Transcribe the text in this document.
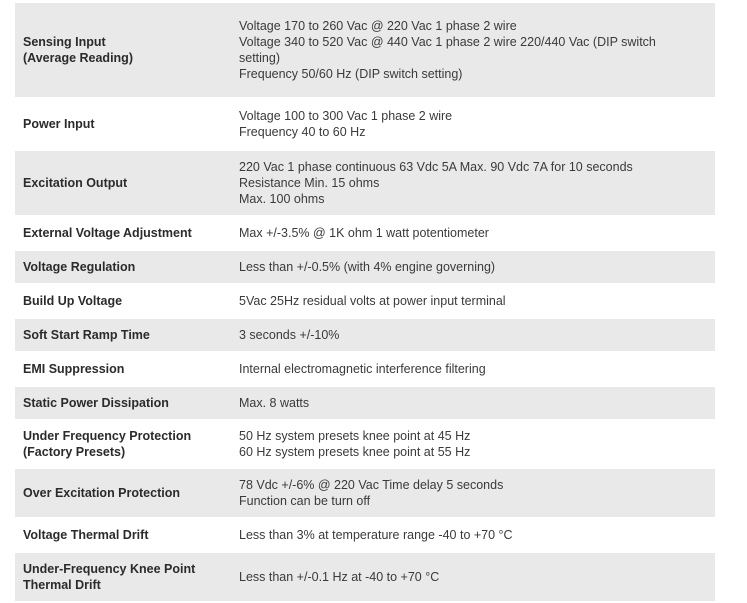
Sensing Input
(Average Reading)	Voltage 170 to 260 Vac @ 220 Vac 1 phase 2 wire
Voltage 340 to 520 Vac @ 440 Vac 1 phase 2 wire 220/440 Vac (DIP switch
setting)
Frequency 50/60 Hz (DIP switch setting)

Power Input	Voltage 100 to 300 Vac 1 phase 2 wire
Frequency 40 to 60 Hz

Excitation Output	220 Vac 1 phase continuous 63 Vdc 5A Max. 90 Vdc 7A for 10 seconds
Resistance Min. 15 ohms
Max. 100 ohms

External Voltage Adjustment	Max +/-3.5% @ 1K ohm 1 watt potentiometer

Voltage Regulation	Less than +/-0.5% (with 4% engine governing)

Build Up Voltage	5Vac 25Hz residual volts at power input terminal

Soft Start Ramp Time	3 seconds +/-10%

EMI Suppression	Internal electromagnetic interference filtering

Static Power Dissipation	Max. 8 watts

Under Frequency Protection
(Factory Presets)	50 Hz system presets knee point at 45 Hz
60 Hz system presets knee point at 55 Hz

Over Excitation Protection	78 Vdc +/-6% @ 220 Vac Time delay 5 seconds
Function can be turn off

Voltage Thermal Drift	Less than 3% at temperature range -40 to +70 °C

Under-Frequency Knee Point
Thermal Drift	Less than +/-0.1 Hz at -40 to +70 °C
